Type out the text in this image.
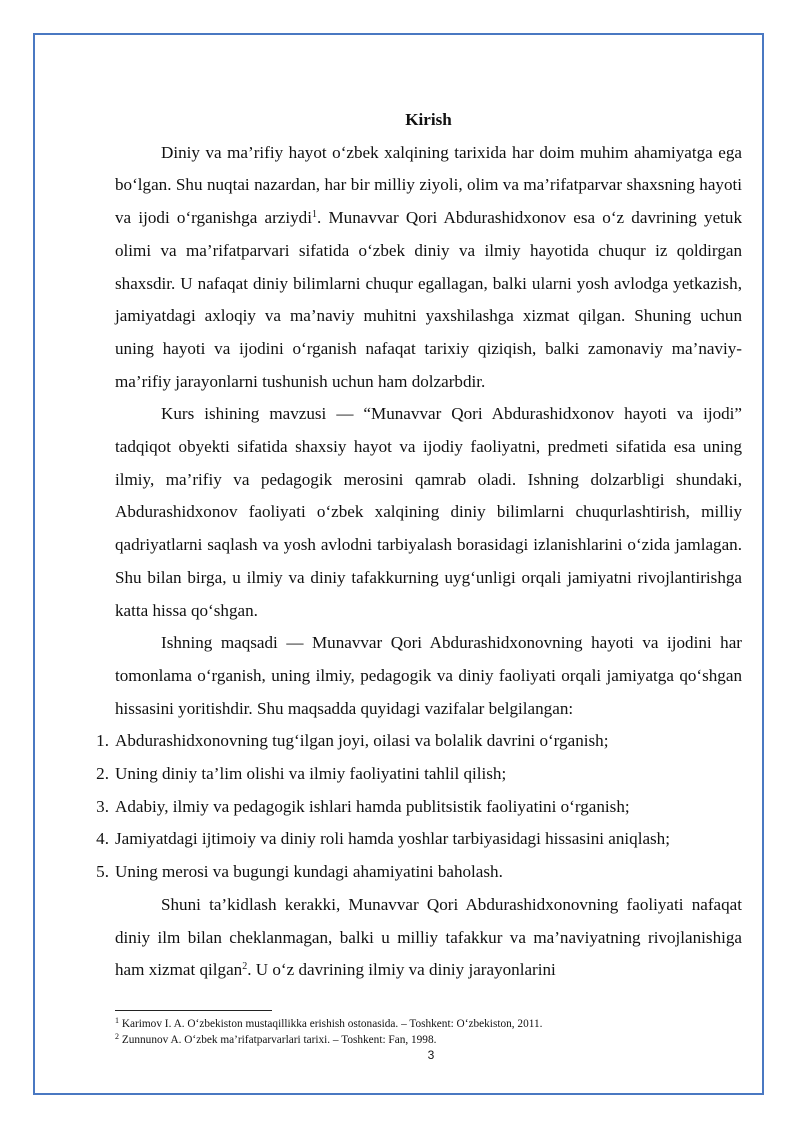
Kirish

Diniy va ma’rifiy hayot o‘zbek xalqining tarixida har doim muhim ahamiyatga ega bo‘lgan. Shu nuqtai nazardan, har bir milliy ziyoli, olim va ma’rifatparvar shaxsning hayoti va ijodi o‘rganishga arziydi$^1$. Munavvar Qori Abdurashidxonov esa o‘z davrining yetuk olimi va ma’rifatparvari sifatida o‘zbek diniy va ilmiy hayotida chuqur iz qoldirgan shaxsdir. U nafaqat diniy bilimlarni chuqur egallagan, balki ularni yosh avlodga yetkazish, jamiyatdagi axloqiy va ma’naviy muhitni yaxshilashga xizmat qilgan. Shuning uchun uning hayoti va ijodini o‘rganish nafaqat tarixiy qiziqish, balki zamonaviy ma’naviy-ma’rifiy jarayonlarni tushunish uchun ham dolzarbdir.

Kurs ishining mavzusi — “Munavvar Qori Abdurashidxonov hayoti va ijodi” tadqiqot obyekti sifatida shaxsiy hayot va ijodiy faoliyatni, predmeti sifatida esa uning ilmiy, ma’rifiy va pedagogik merosini qamrab oladi. Ishning dolzarbligi shundaki, Abdurashidxonov faoliyati o‘zbek xalqining diniy bilimlarni chuqurlashtirish, milliy qadriyatlarni saqlash va yosh avlodni tarbiyalash borasidagi izlanishlarini o‘zida jamlagan. Shu bilan birga, u ilmiy va diniy tafakkurning uyg‘unligi orqali jamiyatni rivojlantirishga katta hissa qo‘shgan.

Ishning maqsadi — Munavvar Qori Abdurashidxonovning hayoti va ijodini har tomonlama o‘rganish, uning ilmiy, pedagogik va diniy faoliyati orqali jamiyatga qo‘shgan hissasini yoritishdir. Shu maqsadda quyidagi vazifalar belgilangan:

1. Abdurashidxonovning tug‘ilgan joyi, oilasi va bolalik davrini o‘rganish;
2. Uning diniy ta’lim olishi va ilmiy faoliyatini tahlil qilish;
3. Adabiy, ilmiy va pedagogik ishlari hamda publitsistik faoliyatini o‘rganish;
4. Jamiyatdagi ijtimoiy va diniy roli hamda yoshlar tarbiyasidagi hissasini aniqlash;
5. Uning merosi va bugungi kundagi ahamiyatini baholash.

Shuni ta’kidlash kerakki, Munavvar Qori Abdurashidxonovning faoliyati nafaqat diniy ilm bilan cheklanmagan, balki u milliy tafakkur va ma’naviyatning rivojlanishiga ham xizmat qilgan$^2$. U o‘z davrining ilmiy va diniy jarayonlarini

$^1$ Karimov I. A. O‘zbekiston mustaqillikka erishish ostonasida. – Toshkent: O‘zbekiston, 2011.

$^2$ Zunnunov A. O‘zbek ma’rifatparvarlari tarixi. – Toshkent: Fan, 1998.

3
